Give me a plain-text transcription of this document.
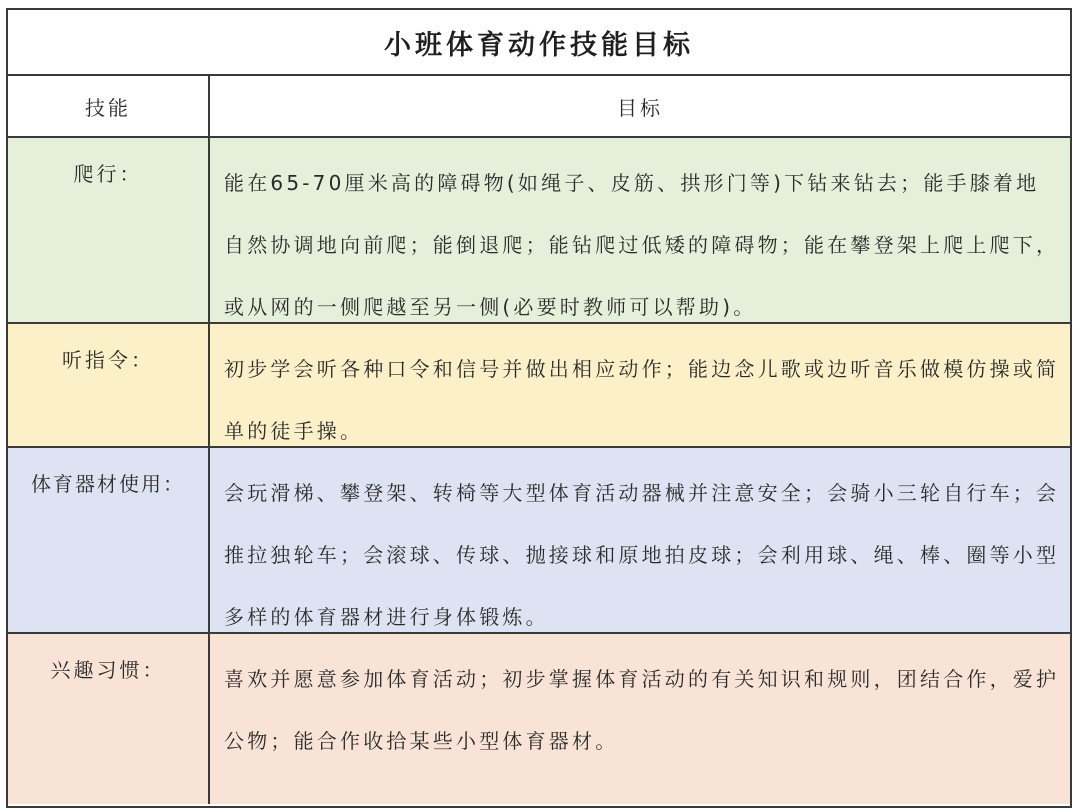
小班体育动作技能目标
技能	目标
爬行：	能在65-70厘米高的障碍物(如绳子、皮筋、拱形门等)下钻来钻去；能手膝着地自然协调地向前爬；能倒退爬；能钻爬过低矮的障碍物；能在攀登架上爬上爬下，或从网的一侧爬越至另一侧(必要时教师可以帮助)。
听指令：	初步学会听各种口令和信号并做出相应动作；能边念儿歌或边听音乐做模仿操或简单的徒手操。
体育器材使用：	会玩滑梯、攀登架、转椅等大型体育活动器械并注意安全；会骑小三轮自行车；会推拉独轮车；会滚球、传球、抛接球和原地拍皮球；会利用球、绳、棒、圈等小型多样的体育器材进行身体锻炼。
兴趣习惯：	喜欢并愿意参加体育活动；初步掌握体育活动的有关知识和规则，团结合作，爱护公物；能合作收拾某些小型体育器材。
